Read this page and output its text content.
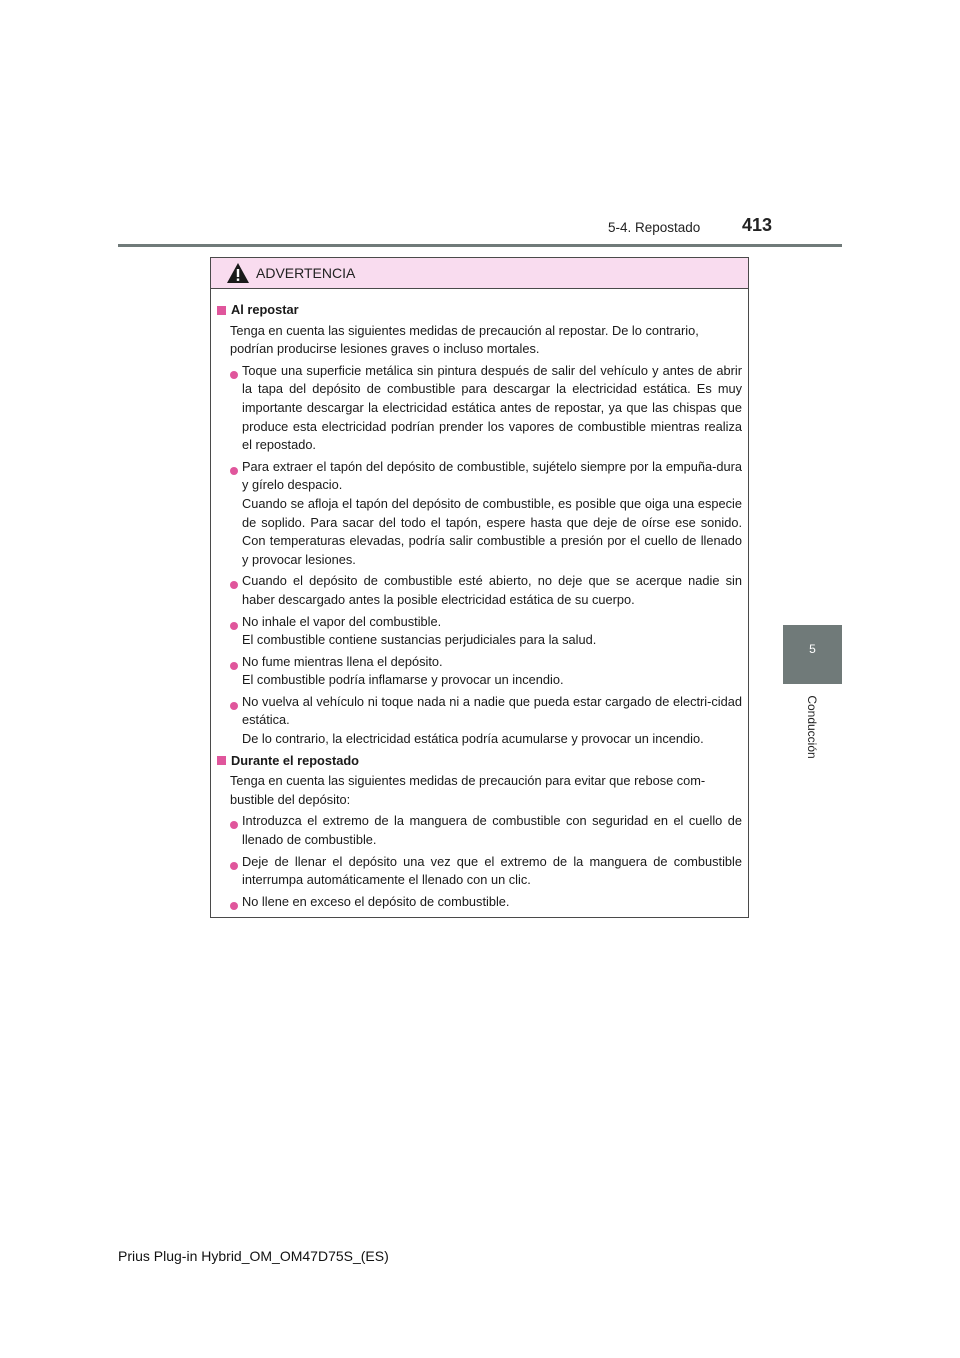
5-4. Repostado 413
5
Conducción
ADVERTENCIA
Al repostar
Tenga en cuenta las siguientes medidas de precaución al repostar. De lo contrario, podrían producirse lesiones graves o incluso mortales.

Toque una superficie metálica sin pintura después de salir del vehículo y antes de abrir la tapa del depósito de combustible para descargar la electricidad estática. Es muy importante descargar la electricidad estática antes de repostar, ya que las chispas que produce esta electricidad podrían prender los vapores de combustible mientras realiza el repostado.

Para extraer el tapón del depósito de combustible, sujételo siempre por la empuña-dura y gírelo despacio.

Cuando se afloja el tapón del depósito de combustible, es posible que oiga una especie de soplido. Para sacar del todo el tapón, espere hasta que deje de oírse ese sonido. Con temperaturas elevadas, podría salir combustible a presión por el cuello de llenado y provocar lesiones.

Cuando el depósito de combustible esté abierto, no deje que se acerque nadie sin haber descargado antes la posible electricidad estática de su cuerpo.

No inhale el vapor del combustible.

El combustible contiene sustancias perjudiciales para la salud.

No fume mientras llena el depósito.

El combustible podría inflamarse y provocar un incendio.

No vuelva al vehículo ni toque nada ni a nadie que pueda estar cargado de electri-cidad estática.

De lo contrario, la electricidad estática podría acumularse y provocar un incendio.

Durante el repostado
Tenga en cuenta las siguientes medidas de precaución para evitar que rebose com-bustible del depósito:

Introduzca el extremo de la manguera de combustible con seguridad en el cuello de llenado de combustible.

Deje de llenar el depósito una vez que el extremo de la manguera de combustible interrumpa automáticamente el llenado con un clic.

No llene en exceso el depósito de combustible.

Prius Plug-in Hybrid_OM_OM47D75S_(ES)
